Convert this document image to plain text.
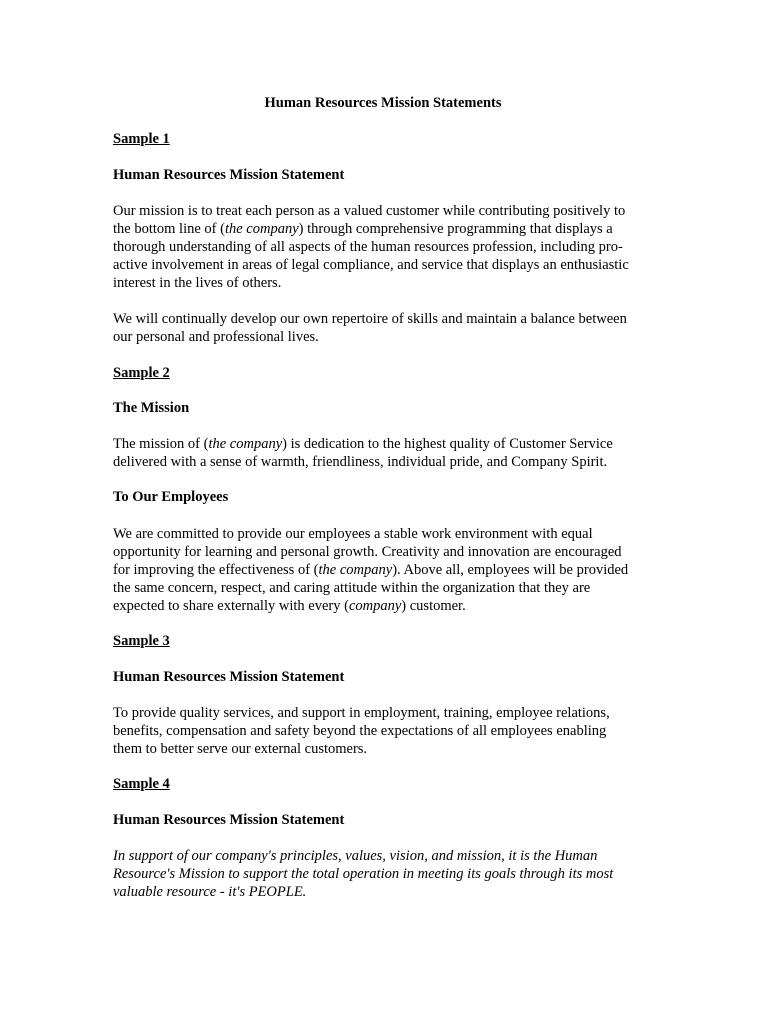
Human Resources Mission Statements

Sample 1

Human Resources Mission Statement

Our mission is to treat each person as a valued customer while contributing positively to
the bottom line of (the company) through comprehensive programming that displays a
thorough understanding of all aspects of the human resources profession, including pro-
active involvement in areas of legal compliance, and service that displays an enthusiastic
interest in the lives of others.

We will continually develop our own repertoire of skills and maintain a balance between
our personal and professional lives.

Sample 2

The Mission

The mission of (the company) is dedication to the highest quality of Customer Service
delivered with a sense of warmth, friendliness, individual pride, and Company Spirit.

To Our Employees

We are committed to provide our employees a stable work environment with equal
opportunity for learning and personal growth. Creativity and innovation are encouraged
for improving the effectiveness of (the company). Above all, employees will be provided
the same concern, respect, and caring attitude within the organization that they are
expected to share externally with every (company) customer.

Sample 3

Human Resources Mission Statement

To provide quality services, and support in employment, training, employee relations,
benefits, compensation and safety beyond the expectations of all employees enabling
them to better serve our external customers.

Sample 4

Human Resources Mission Statement

In support of our company's principles, values, vision, and mission, it is the Human
Resource's Mission to support the total operation in meeting its goals through its most
valuable resource - it's PEOPLE.
